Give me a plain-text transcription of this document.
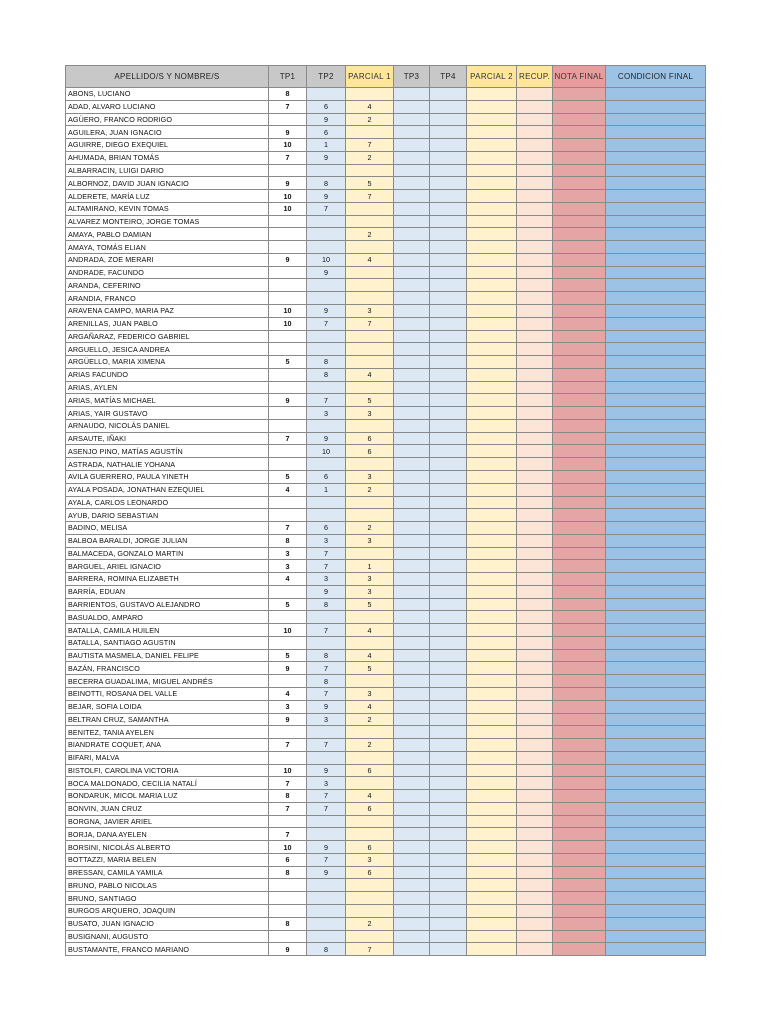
APELLIDO/S Y NOMBRE/S	TP1	TP2	PARCIAL 1	TP3	TP4	PARCIAL 2	RECUP.	NOTA FINAL	CONDICION FINAL
ABONS, LUCIANO	8								
ADAD, ALVARO LUCIANO	7	6	4						
AGÜERO, FRANCO RODRIGO		9	2						
AGUILERA, JUAN IGNACIO	9	6							
AGUIRRE, DIEGO EXEQUIEL	10	1	7						
AHUMADA, BRIAN TOMÁS	7	9	2						
ALBARRACIN, LUIGI DARIO									
ALBORNOZ, DAVID JUAN IGNACIO	9	8	5						
ALDERETE, MARÍA LUZ	10	9	7						
ALTAMIRANO, KEVIN TOMAS	10	7							
ALVAREZ MONTEIRO, JORGE TOMAS									
AMAYA, PABLO DAMIAN			2						
AMAYA, TOMÁS ELIAN									
ANDRADA, ZOE MERARI	9	10	4						
ANDRADE, FACUNDO		9							
ARANDA, CEFERINO									
ARANDIA, FRANCO									
ARAVENA CAMPO, MARIA PAZ	10	9	3						
ARENILLAS, JUAN PABLO	10	7	7						
ARGAÑARAZ, FEDERICO GABRIEL									
ARGUELLO, JESICA ANDREA									
ARGÜELLO, MARIA XIMENA	5	8							
ARIAS FACUNDO		8	4						
ARIAS, AYLEN									
ARIAS, MATÍAS MICHAEL	9	7	5						
ARIAS, YAIR GUSTAVO		3	3						
ARNAUDO, NICOLÁS DANIEL									
ARSAUTE, IÑAKI	7	9	6						
ASENJO PINO, MATÍAS AGUSTÍN		10	6						
ASTRADA, NATHALIE YOHANA									
AVILA GUERRERO, PAULA YINETH	5	6	3						
AYALA POSADA, JONATHAN EZEQUIEL	4	1	2						
AYALA, CARLOS LEONARDO									
AYUB, DARIO SEBASTIAN									
BADINO, MELISA	7	6	2						
BALBOA BARALDI, JORGE JULIAN	8	3	3						
BALMACEDA, GONZALO MARTIN	3	7							
BARGUEL, ARIEL IGNACIO	3	7	1						
BARRERA, ROMINA ELIZABETH	4	3	3						
BARRÍA, EDUAN		9	3						
BARRIENTOS, GUSTAVO ALEJANDRO	5	8	5						
BASUALDO, AMPARO									
BATALLA, CAMILA HUILEN	10	7	4						
BATALLA, SANTIAGO AGUSTIN									
BAUTISTA MASMELA, DANIEL FELIPE	5	8	4						
BAZÁN, FRANCISCO	9	7	5						
BECERRA GUADALIMA, MIGUEL ANDRÉS		8							
BEINOTTI, ROSANA DEL VALLE	4	7	3						
BEJAR, SOFIA LOIDA	3	9	4						
BELTRAN CRUZ, SAMANTHA	9	3	2						
BENITEZ, TANIA AYELEN									
BIANDRATE COQUET, ANA	7	7	2						
BIFARI, MALVA									
BISTOLFI, CAROLINA VICTORIA	10	9	6						
BOCA MALDONADO, CECILIA NATALÍ	7	3							
BONDARUK, MICOL MARIA LUZ	8	7	4						
BONVIN, JUAN CRUZ	7	7	6						
BORGNA, JAVIER ARIEL									
BORJA, DANA AYELEN	7								
BORSINI, NICOLÁS ALBERTO	10	9	6						
BOTTAZZI, MARIA BELEN	6	7	3						
BRESSAN, CAMILA YAMILA	8	9	6						
BRUNO, PABLO NICOLAS									
BRUNO, SANTIAGO									
BURGOS ARQUERO, JOAQUIN									
BUSATO, JUAN IGNACIO	8		2						
BUSIGNANI, AUGUSTO									
BUSTAMANTE, FRANCO MARIANO	9	8	7						
